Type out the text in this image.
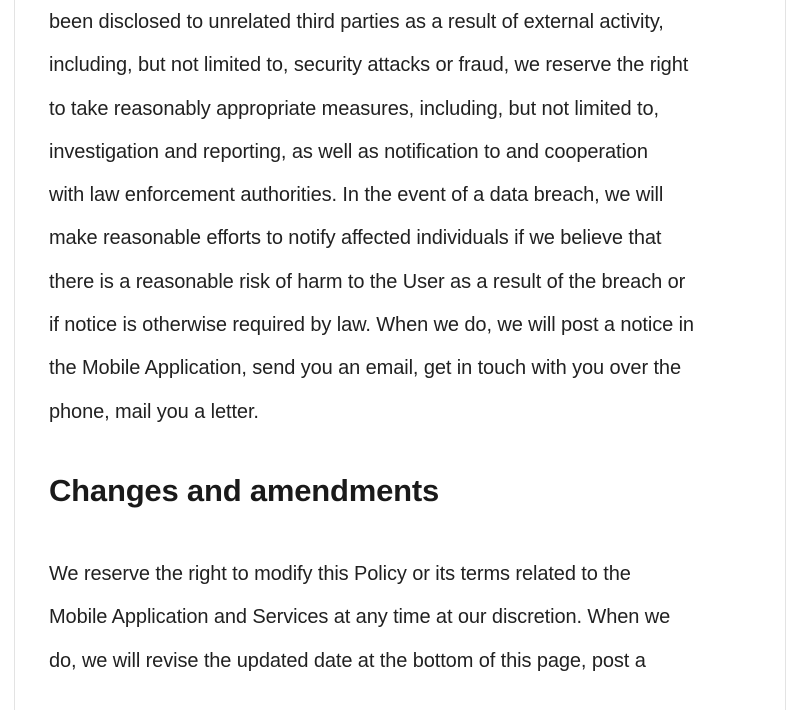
been disclosed to unrelated third parties as a result of external activity,
including, but not limited to, security attacks or fraud, we reserve the right
to take reasonably appropriate measures, including, but not limited to,
investigation and reporting, as well as notification to and cooperation
with law enforcement authorities. In the event of a data breach, we will
make reasonable efforts to notify affected individuals if we believe that
there is a reasonable risk of harm to the User as a result of the breach or
if notice is otherwise required by law. When we do, we will post a notice in
the Mobile Application, send you an email, get in touch with you over the
phone, mail you a letter.

Changes and amendments

We reserve the right to modify this Policy or its terms related to the
Mobile Application and Services at any time at our discretion. When we
do, we will revise the updated date at the bottom of this page, post a
